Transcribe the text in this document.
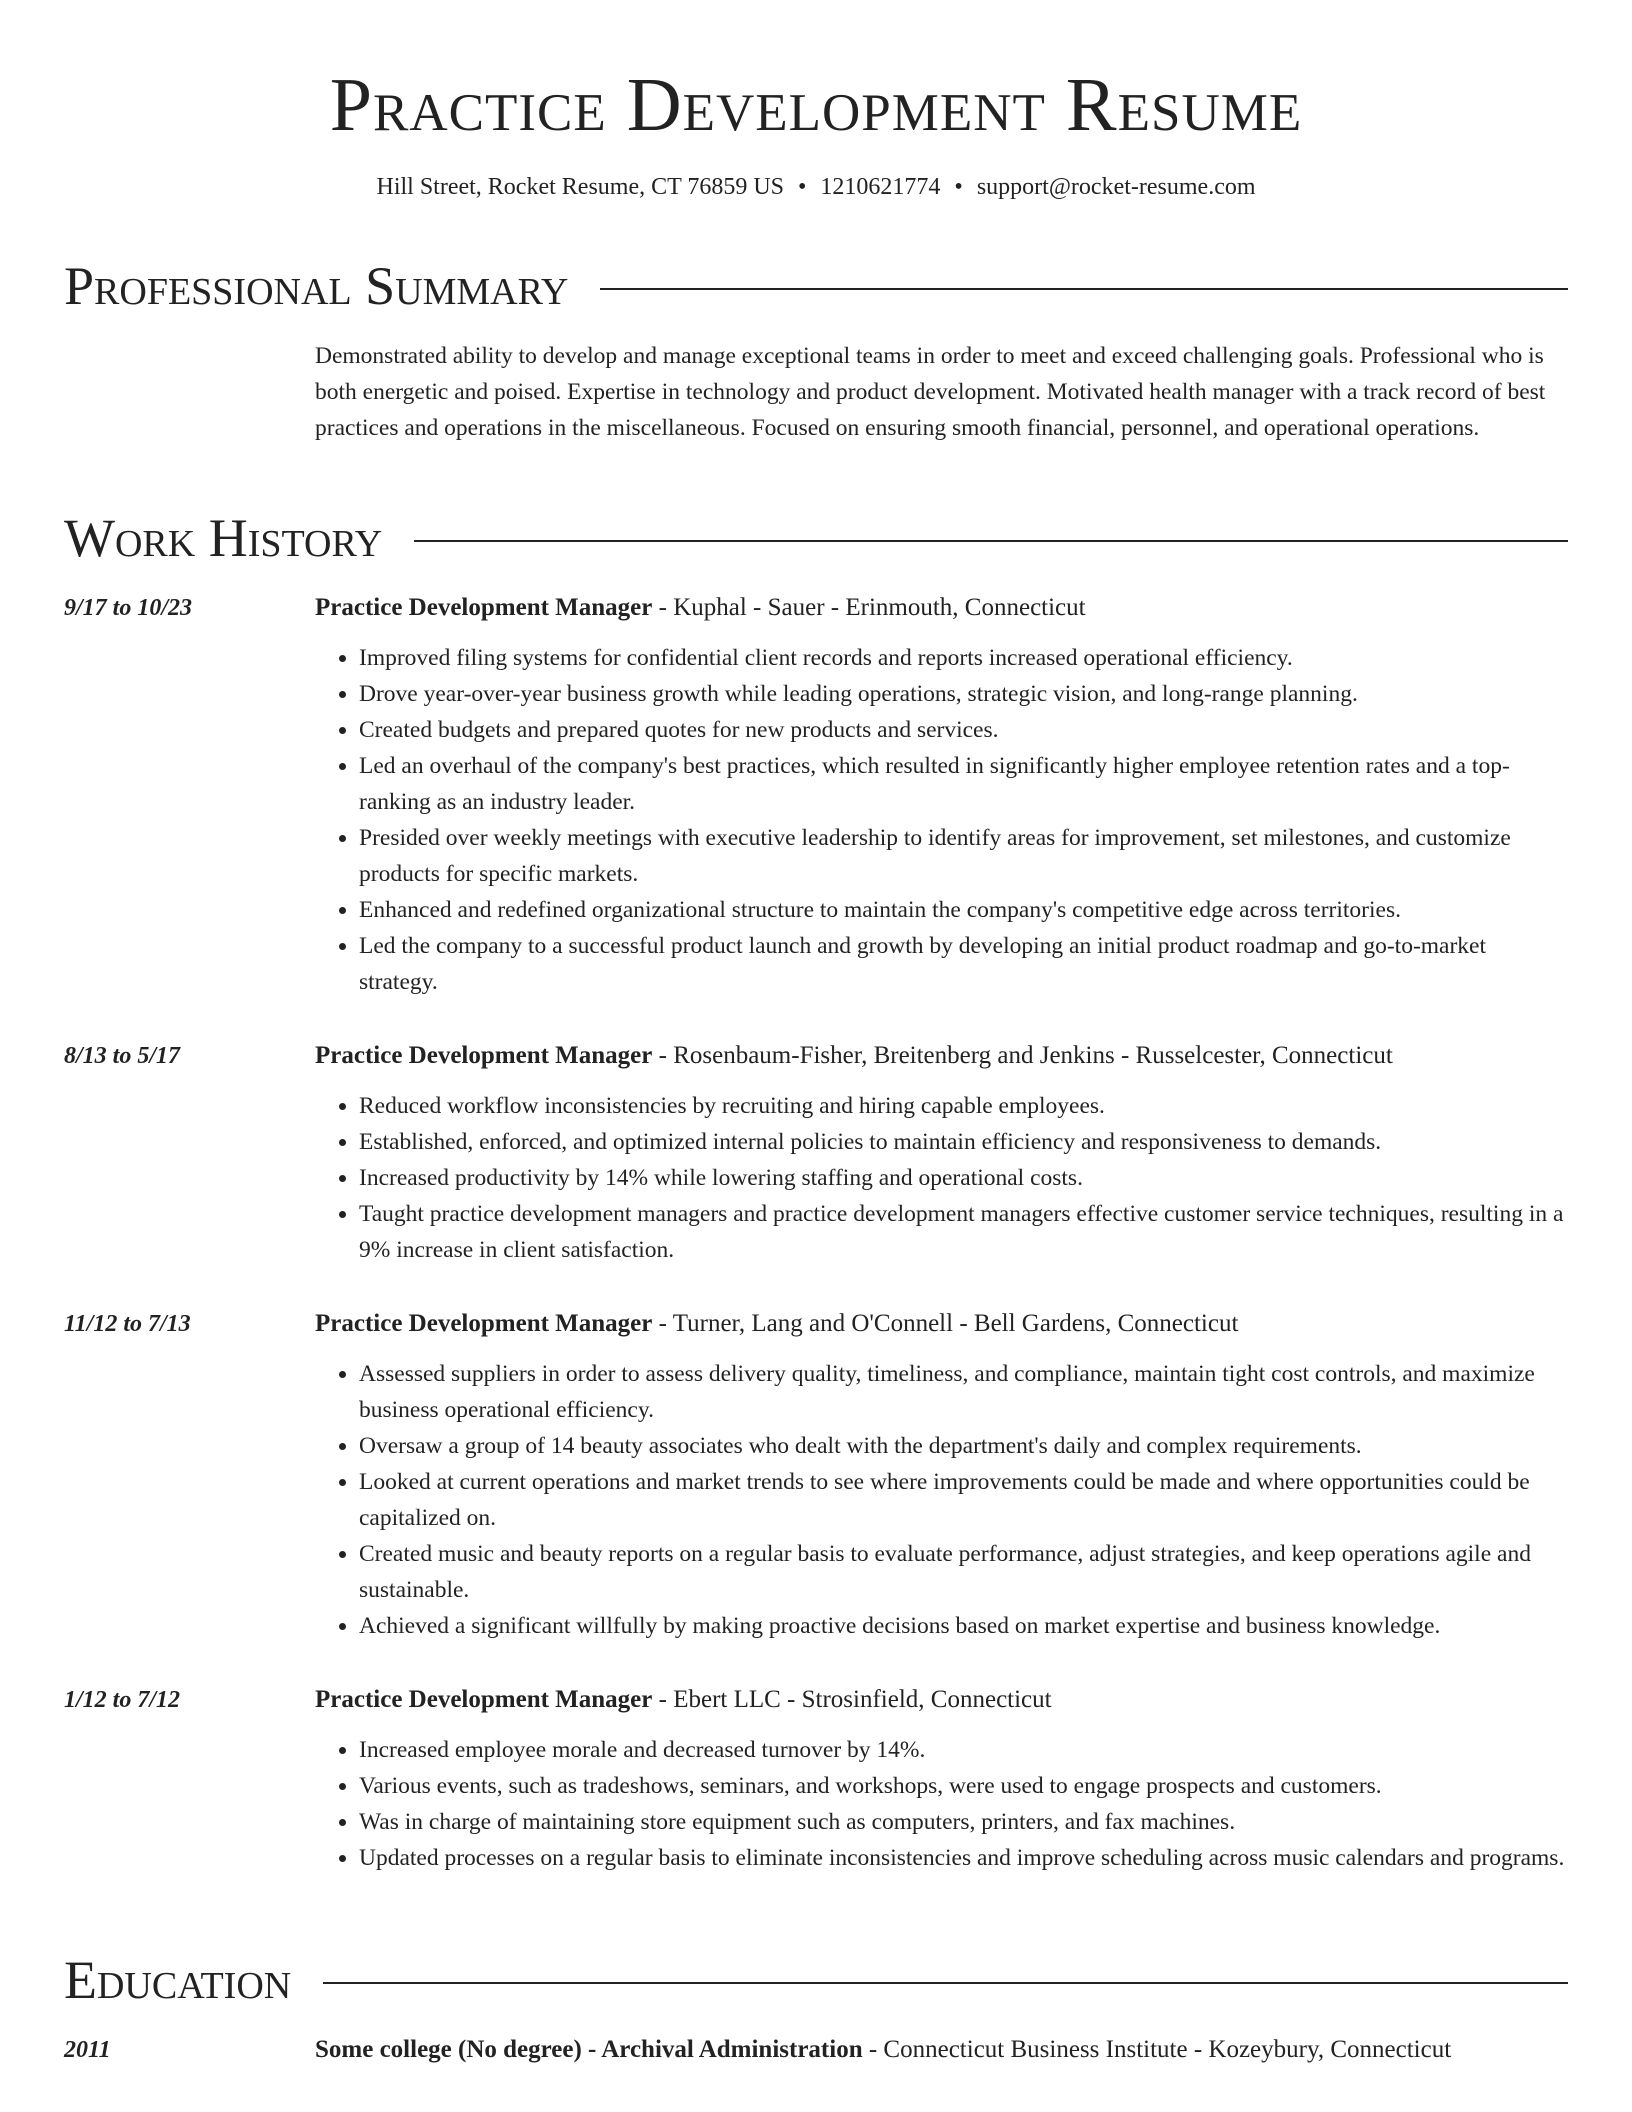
Practice Development Resume
Hill Street, Rocket Resume, CT 76859 US • 1210621774 • support@rocket-resume.com
Professional Summary

Demonstrated ability to develop and manage exceptional teams in order to meet and exceed challenging goals. Professional who is both energetic and poised. Expertise in technology and product development. Motivated health manager with a track record of best practices and operations in the miscellaneous. Focused on ensuring smooth financial, personnel, and operational operations.

Work History
9/17 to 10/23	Practice Development Manager - Kuphal - Sauer - Erinmouth, Connecticut
• Improved filing systems for confidential client records and reports increased operational efficiency.
• Drove year-over-year business growth while leading operations, strategic vision, and long-range planning.
• Created budgets and prepared quotes for new products and services.
• Led an overhaul of the company's best practices, which resulted in significantly higher employee retention rates and a top-ranking as an industry leader.
• Presided over weekly meetings with executive leadership to identify areas for improvement, set milestones, and customize products for specific markets.
• Enhanced and redefined organizational structure to maintain the company's competitive edge across territories.
• Led the company to a successful product launch and growth by developing an initial product roadmap and go-to-market strategy.
8/13 to 5/17	Practice Development Manager - Rosenbaum-Fisher, Breitenberg and Jenkins - Russelcester, Connecticut
• Reduced workflow inconsistencies by recruiting and hiring capable employees.
• Established, enforced, and optimized internal policies to maintain efficiency and responsiveness to demands.
• Increased productivity by 14% while lowering staffing and operational costs.
• Taught practice development managers and practice development managers effective customer service techniques, resulting in a 9% increase in client satisfaction.
11/12 to 7/13	Practice Development Manager - Turner, Lang and O'Connell - Bell Gardens, Connecticut
• Assessed suppliers in order to assess delivery quality, timeliness, and compliance, maintain tight cost controls, and maximize business operational efficiency.
• Oversaw a group of 14 beauty associates who dealt with the department's daily and complex requirements.
• Looked at current operations and market trends to see where improvements could be made and where opportunities could be capitalized on.
• Created music and beauty reports on a regular basis to evaluate performance, adjust strategies, and keep operations agile and sustainable.
• Achieved a significant willfully by making proactive decisions based on market expertise and business knowledge.
1/12 to 7/12	Practice Development Manager - Ebert LLC - Strosinfield, Connecticut
• Increased employee morale and decreased turnover by 14%.
• Various events, such as tradeshows, seminars, and workshops, were used to engage prospects and customers.
• Was in charge of maintaining store equipment such as computers, printers, and fax machines.
• Updated processes on a regular basis to eliminate inconsistencies and improve scheduling across music calendars and programs.
Education
2011	Some college (No degree) - Archival Administration - Connecticut Business Institute - Kozeybury, Connecticut
